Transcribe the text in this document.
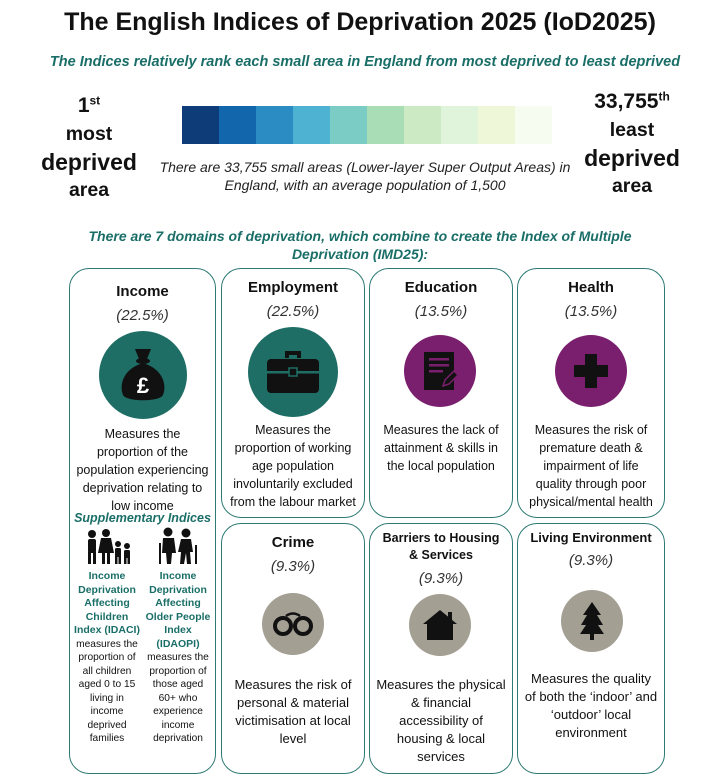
The English Indices of Deprivation 2025 (IoD2025)
The Indices relatively rank each small area in England from most deprived to least deprived
1st
most
deprived
area
33,755th
least
deprived
area
There are 33,755 small areas (Lower-layer Super Output Areas) in England, with an average population of 1,500
There are 7 domains of deprivation, which combine to create the Index of Multiple Deprivation (IMD25):
Income
(22.5%)
£
Measures the proportion of the population experiencing deprivation relating to low income
Supplementary Indices
Income Deprivation Affecting Children Index (IDACI)
measures the proportion of all children aged 0 to 15 living in income deprived families
Income Deprivation Affecting Older People Index (IDAOPI)
measures the proportion of those aged 60+ who experience income deprivation
Employment
(22.5%)
Measures the proportion of working age population involuntarily excluded from the labour market
Education
(13.5%)
Measures the lack of attainment & skills in the local population
Health
(13.5%)
Measures the risk of premature death & impairment of life quality through poor physical/mental health
Crime
(9.3%)
Measures the risk of personal & material victimisation at local level
Barriers to Housing & Services
(9.3%)
Measures the physical & financial accessibility of housing & local services
Living Environment
(9.3%)
Measures the quality of both the ‘indoor’ and ‘outdoor’ local environment
